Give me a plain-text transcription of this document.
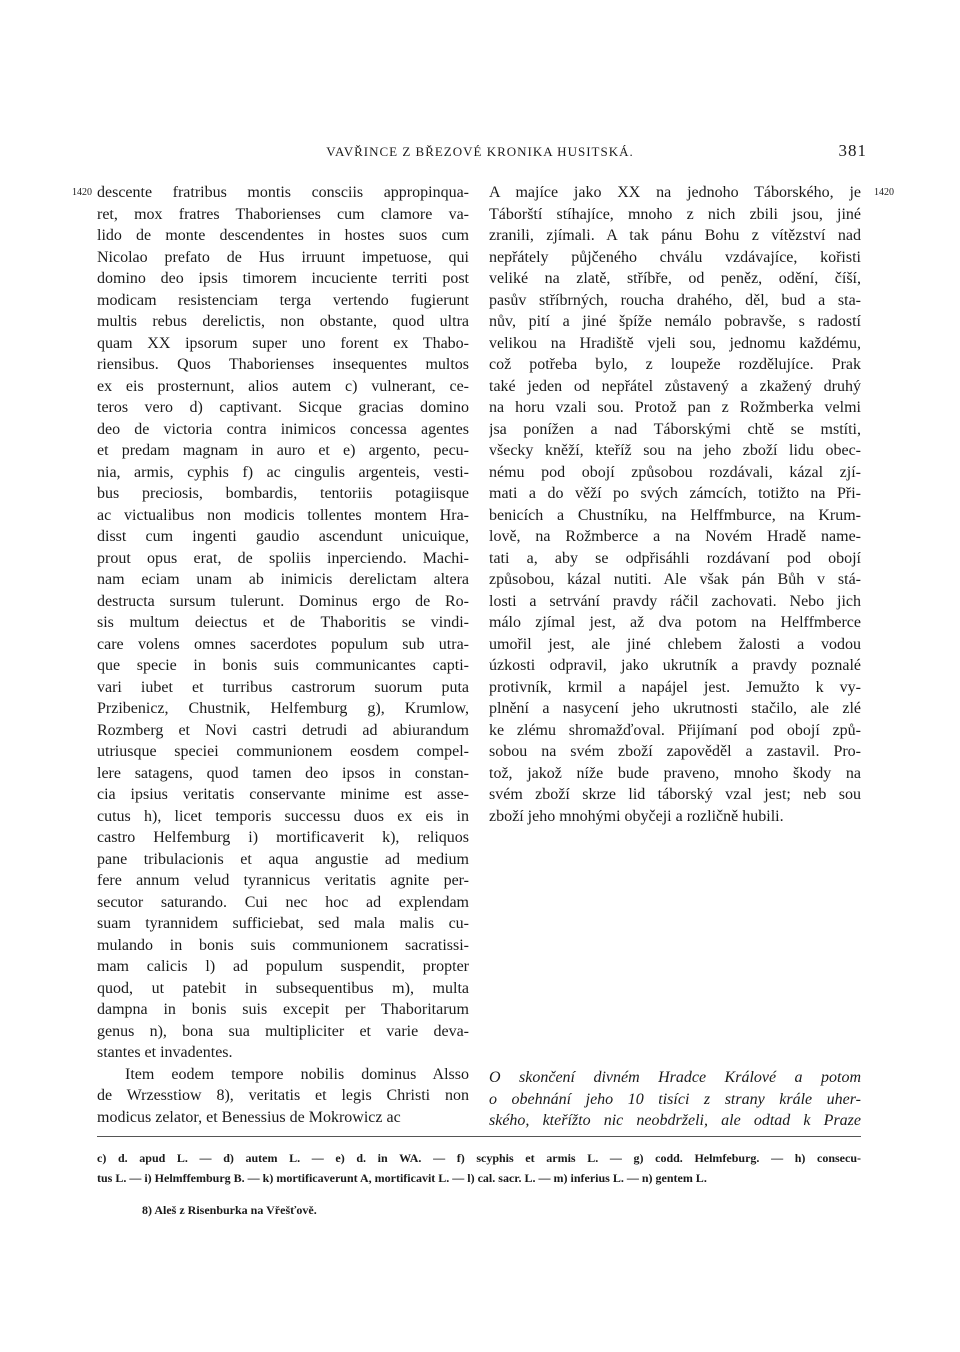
VAVŘINCE Z BŘEZOVÉ KRONIKA HUSITSKÁ.	381
1420	1420
descente fratribus montis consciis appropinqua-
ret, mox fratres Thaborienses cum clamore va-
lido de monte descendentes in hostes suos cum
Nicolao prefato de Hus irruunt impetuose, qui
domino deo ipsis timorem incuciente territi post
modicam resistenciam terga vertendo fugierunt
multis rebus derelictis, non obstante, quod ultra
quam XX ipsorum super uno forent ex Thabo-
riensibus. Quos Thaborienses insequentes multos
ex eis prosternunt, alios autem c) vulnerant, ce-
teros vero d) captivant. Sicque gracias domino
deo de victoria contra inimicos concessa agentes
et predam magnam in auro et e) argento, pecu-
nia, armis, cyphis f) ac cingulis argenteis, vesti-
bus preciosis, bombardis, tentoriis potagiisque
ac victualibus non modicis tollentes montem Hra-
disst cum ingenti gaudio ascendunt unicuique,
prout opus erat, de spoliis inperciendo. Machi-
nam eciam unam ab inimicis derelictam altera
destructa sursum tulerunt. Dominus ergo de Ro-
sis multum deiectus et de Thaboritis se vindi-
care volens omnes sacerdotes populum sub utra-
que specie in bonis suis communicantes capti-
vari iubet et turribus castrorum suorum puta
Przibenicz, Chustnik, Helfemburg g), Krumlow,
Rozmberg et Novi castri detrudi ad abiurandum
utriusque speciei communionem eosdem compel-
lere satagens, quod tamen deo ipsos in constan-
cia ipsius veritatis conservante minime est asse-
cutus h), licet temporis successu duos ex eis in
castro Helfemburg i) mortificaverit k), reliquos
pane tribulacionis et aqua angustie ad medium
fere annum velud tyrannicus veritatis agnite per-
secutor saturando. Cui nec hoc ad explendam
suam tyrannidem sufficiebat, sed mala malis cu-
mulando in bonis suis communionem sacratissi-
mam calicis l) ad populum suspendit, propter
quod, ut patebit in subsequentibus m), multa
dampna in bonis suis excepit per Thaboritarum
genus n), bona sua multipliciter et varie deva-
stantes et invadentes.
Item eodem tempore nobilis dominus Alsso
de Wrzesstiow 8), veritatis et legis Christi non
modicus zelator, et Benessius de Mokrowicz ac
A majíce jako XX na jednoho Táborského, je
Táborští stíhajíce, mnoho z nich zbili jsou, jiné
zranili, zjímali. A tak pánu Bohu z vítězství nad
nepřátely půjčeného chválu vzdávajíce, kořisti
veliké na zlatě, stříbře, od peněz, odění, číší,
pasův stříbrných, roucha drahého, děl, bud a sta-
nův, pití a jiné špíže nemálo pobravše, s radostí
velikou na Hradiště vjeli sou, jednomu každému,
což potřeba bylo, z loupeže rozdělujíce. Prak
také jeden od nepřátel zůstavený a zkažený druhý
na horu vzali sou. Protož pan z Rožmberka velmi
jsa ponížen a nad Táborskými chtě se mstíti,
všecky kněží, kteříž sou na jeho zboží lidu obec-
nému pod obojí způsobou rozdávali, kázal zjí-
mati a do věží po svých zámcích, totižto na Při-
benicích a Chustníku, na Helffmburce, na Krum-
lově, na Rožmberce a na Novém Hradě name-
tati a, aby se odpřisáhli rozdávaní pod obojí
způsobou, kázal nutiti. Ale však pán Bůh v stá-
losti a setrvání pravdy ráčil zachovati. Nebo jich
málo zjímal jest, až dva potom na Helffmberce
umořil jest, ale jiné chlebem žalosti a vodou
úzkosti odpravil, jako ukrutník a pravdy poznalé
protivník, krmil a napájel jest. Jemužto k vy-
plnění a nasycení jeho ukrutnosti stačilo, ale zlé
ke zlému shromažďoval. Přijímaní pod obojí způ-
sobou na svém zboží zapověděl a zastavil. Pro-
tož, jakož níže bude praveno, mnoho škody na
svém zboží skrze lid táborský vzal jest; neb sou
zboží jeho mnohými obyčeji a rozličně hubili.
O skončení divném Hradce Králové a potom
o obehnání jeho 10 tisíci z strany krále uher-
ského, kteřížto nic neobdrželi, ale odtad k Praze
c) d. apud L. — d) autem L. — e) d. in WA. — f) scyphis et armis L. — g) codd. Helmfeburg. — h) consecu-
tus L. — i) Helmffemburg B. — k) mortificaverunt A, mortificavit L. — l) cal. sacr. L. — m) inferius L. — n) gentem L.
8) Aleš z Risenburka na Vřešťově.
